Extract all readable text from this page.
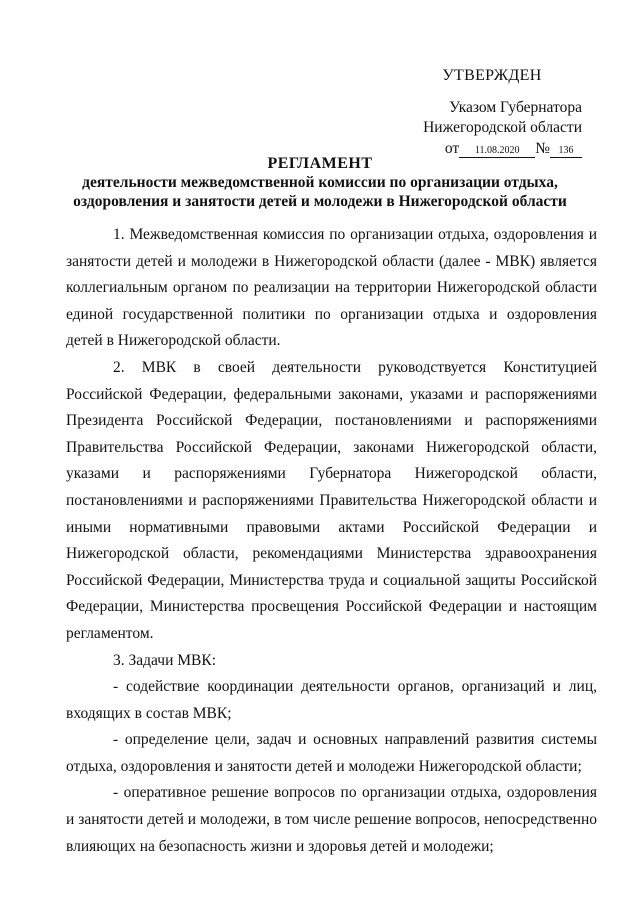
УТВЕРЖДЕН
Указом Губернатора
Нижегородской области
от 11.08.2020 № 136
РЕГЛАМЕНТ
деятельности межведомственной комиссии по организации отдыха,
оздоровления и занятости детей и молодежи в Нижегородской области

1. Межведомственная комиссия по организации отдыха, оздоровления и занятости детей и молодежи в Нижегородской области (далее - МВК) является коллегиальным органом по реализации на территории Нижегородской области единой государственной политики по организации отдыха и оздоровления детей в Нижегородской области.

2. МВК в своей деятельности руководствуется Конституцией Российской Федерации, федеральными законами, указами и распоряжениями Президента Российской Федерации, постановлениями и распоряжениями Правительства Российской Федерации, законами Нижегородской области, указами и распоряжениями Губернатора Нижегородской области, постановлениями и распоряжениями Правительства Нижегородской области и иными нормативными правовыми актами Российской Федерации и Нижегородской области, рекомендациями Министерства здравоохранения Российской Федерации, Министерства труда и социальной защиты Российской Федерации, Министерства просвещения Российской Федерации и настоящим регламентом.

3. Задачи МВК:

- содействие координации деятельности органов, организаций и лиц, входящих в состав МВК;

- определение цели, задач и основных направлений развития системы отдыха, оздоровления и занятости детей и молодежи Нижегородской области;

- оперативное решение вопросов по организации отдыха, оздоровления и занятости детей и молодежи, в том числе решение вопросов, непосредственно влияющих на безопасность жизни и здоровья детей и молодежи;
